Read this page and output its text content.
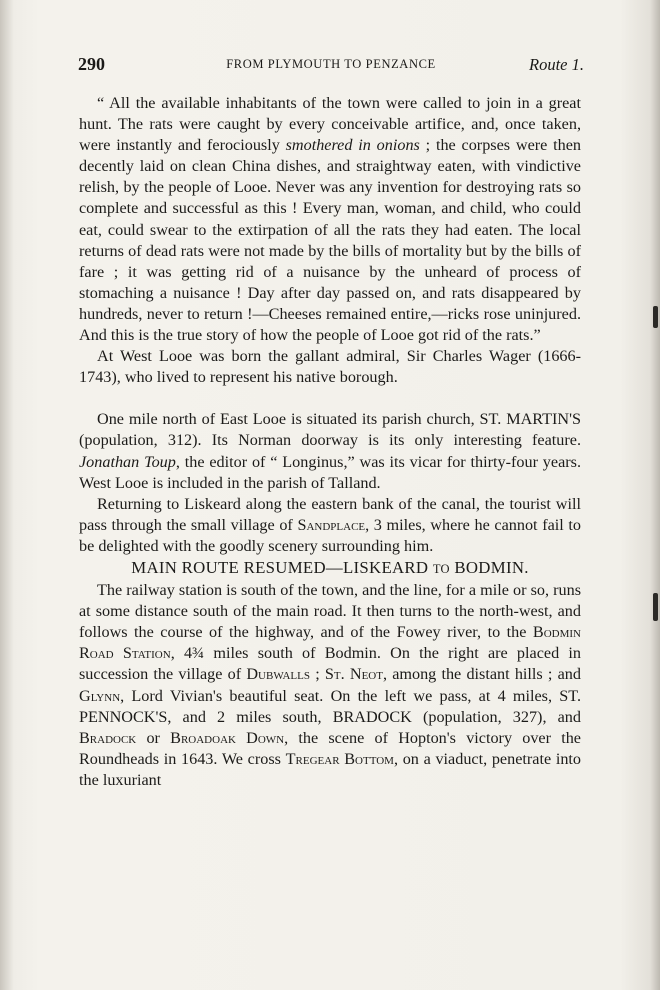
290	FROM PLYMOUTH TO PENZANCE	Route 1.

“ All the available inhabitants of the town were called to join in a great hunt. The rats were caught by every conceivable artifice, and, once taken, were instantly and ferociously smothered in onions ; the corpses were then decently laid on clean China dishes, and straightway eaten, with vindictive relish, by the people of Looe. Never was any invention for destroying rats so complete and successful as this ! Every man, woman, and child, who could eat, could swear to the extirpation of all the rats they had eaten. The local returns of dead rats were not made by the bills of mortality but by the bills of fare ; it was getting rid of a nuisance by the unheard of process of stomaching a nuisance ! Day after day passed on, and rats disappeared by hundreds, never to return !—Cheeses remained entire,—ricks rose uninjured. And this is the true story of how the people of Looe got rid of the rats.”

At West Looe was born the gallant admiral, Sir Charles Wager (1666-1743), who lived to represent his native borough.

One mile north of East Looe is situated its parish church, ST. MARTIN'S (population, 312). Its Norman doorway is its only interesting feature. Jonathan Toup, the editor of “ Longinus,” was its vicar for thirty-four years. West Looe is included in the parish of Talland.

Returning to Liskeard along the eastern bank of the canal, the tourist will pass through the small village of Sandplace, 3 miles, where he cannot fail to be delighted with the goodly scenery surrounding him.

MAIN ROUTE RESUMED—LISKEARD TO BODMIN.

The railway station is south of the town, and the line, for a mile or so, runs at some distance south of the main road. It then turns to the north-west, and follows the course of the highway, and of the Fowey river, to the Bodmin Road Station, 4¾ miles south of Bodmin. On the right are placed in succession the village of Dubwalls ; St. Neot, among the distant hills ; and Glynn, Lord Vivian's beautiful seat. On the left we pass, at 4 miles, ST. PENNOCK'S, and 2 miles south, BRADOCK (population, 327), and Bradock or Broadoak Down, the scene of Hopton's victory over the Roundheads in 1643. We cross Tregear Bottom, on a viaduct, penetrate into the luxuriant
